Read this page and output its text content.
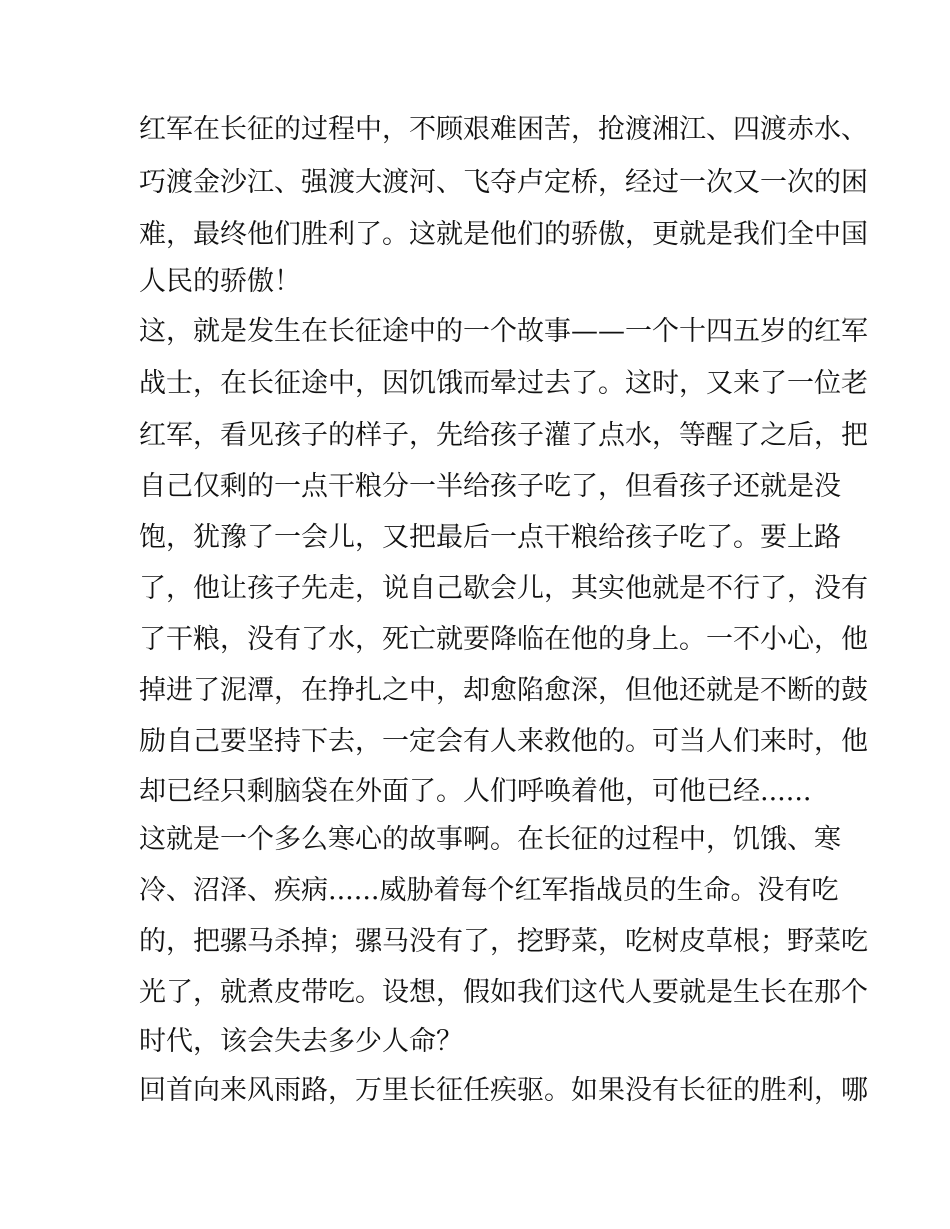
红军在长征的过程中，不顾艰难困苦，抢渡湘江、四渡赤水、
巧渡金沙江、强渡大渡河、飞夺卢定桥，经过一次又一次的困
难，最终他们胜利了。这就是他们的骄傲，更就是我们全中国
人民的骄傲！
这，就是发生在长征途中的一个故事——一个十四五岁的红军
战士，在长征途中，因饥饿而晕过去了。这时，又来了一位老
红军，看见孩子的样子，先给孩子灌了点水，等醒了之后，把
自己仅剩的一点干粮分一半给孩子吃了，但看孩子还就是没
饱，犹豫了一会儿，又把最后一点干粮给孩子吃了。要上路
了，他让孩子先走，说自己歇会儿，其实他就是不行了，没有
了干粮，没有了水，死亡就要降临在他的身上。一不小心，他
掉进了泥潭，在挣扎之中，却愈陷愈深，但他还就是不断的鼓
励自己要坚持下去，一定会有人来救他的。可当人们来时，他
却已经只剩脑袋在外面了。人们呼唤着他，可他已经......
这就是一个多么寒心的故事啊。在长征的过程中，饥饿、寒
冷、沼泽、疾病......威胁着每个红军指战员的生命。没有吃
的，把骡马杀掉；骡马没有了，挖野菜，吃树皮草根；野菜吃
光了，就煮皮带吃。设想，假如我们这代人要就是生长在那个
时代，该会失去多少人命？
回首向来风雨路，万里长征任疾驱。如果没有长征的胜利，哪
